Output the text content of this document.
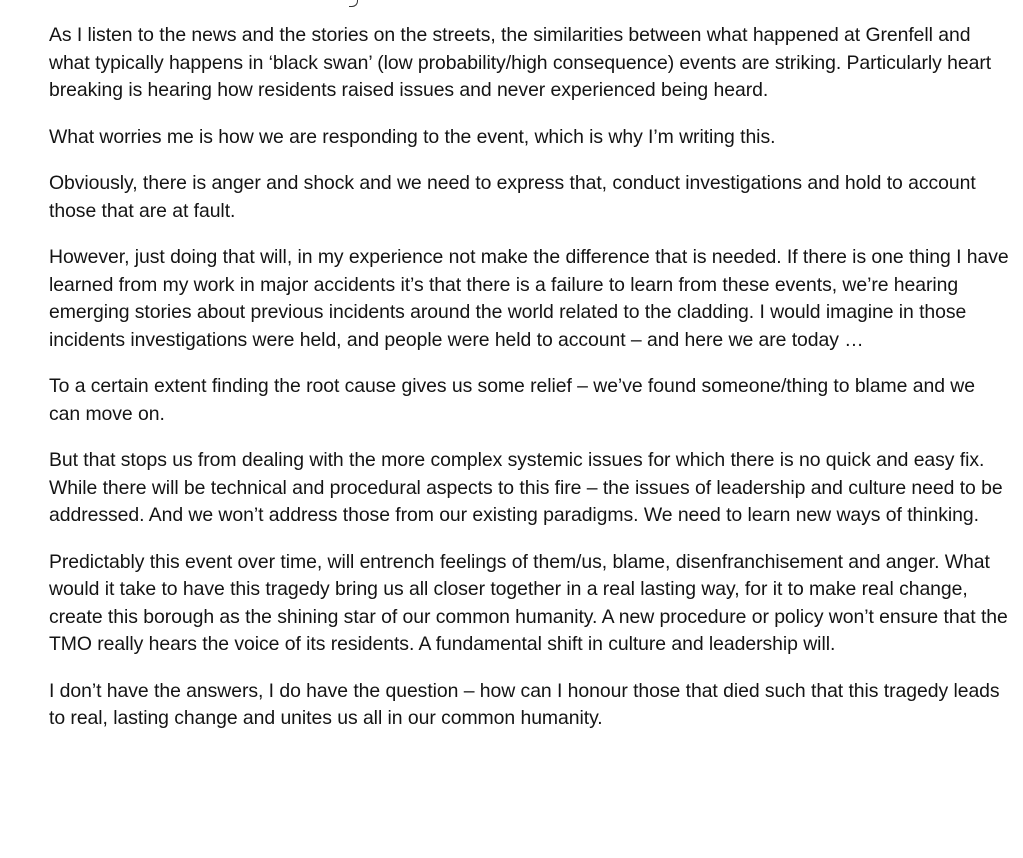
As I listen to the news and the stories on the streets, the similarities between what happened at Grenfell and what typically happens in ‘black swan’ (low probability/high consequence) events are striking. Particularly heart breaking is hearing how residents raised issues and never experienced being heard.

What worries me is how we are responding to the event, which is why I’m writing this.

Obviously, there is anger and shock and we need to express that, conduct investigations and hold to account those that are at fault.

However, just doing that will, in my experience not make the difference that is needed. If there is one thing I have learned from my work in major accidents it’s that there is a failure to learn from these events, we’re hearing emerging stories about previous incidents around the world related to the cladding. I would imagine in those incidents investigations were held, and people were held to account – and here we are today …

To a certain extent finding the root cause gives us some relief – we’ve found someone/thing to blame and we can move on.

But that stops us from dealing with the more complex systemic issues for which there is no quick and easy fix. While there will be technical and procedural aspects to this fire – the issues of leadership and culture need to be addressed. And we won’t address those from our existing paradigms. We need to learn new ways of thinking.

Predictably this event over time, will entrench feelings of them/us, blame, disenfranchisement and anger. What would it take to have this tragedy bring us all closer together in a real lasting way, for it to make real change, create this borough as the shining star of our common humanity. A new procedure or policy won’t ensure that the TMO really hears the voice of its residents. A fundamental shift in culture and leadership will.

I don’t have the answers, I do have the question – how can I honour those that died such that this tragedy leads to real, lasting change and unites us all in our common humanity.
